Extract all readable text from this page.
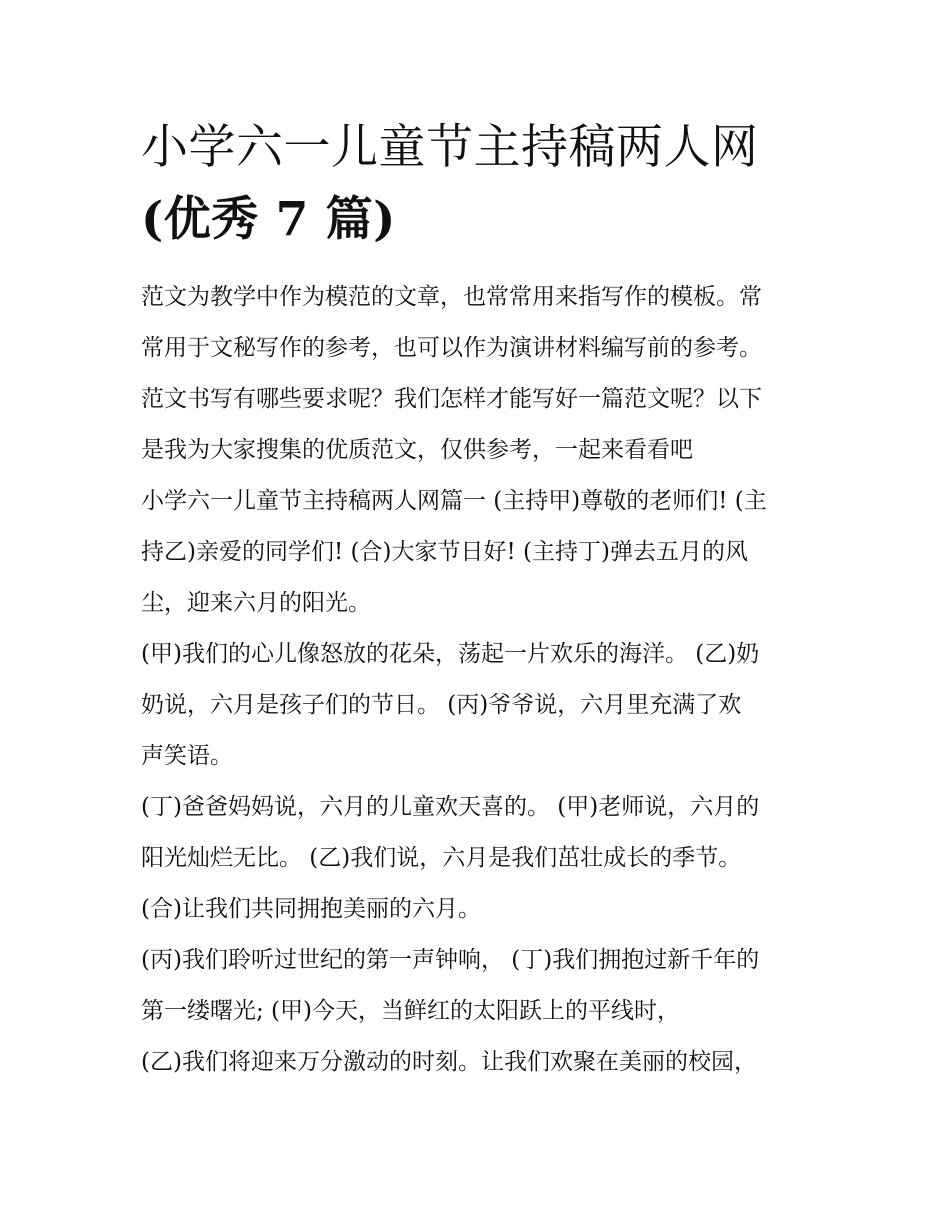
小学六一儿童节主持稿两人网
(优秀 7 篇)

范文为教学中作为模范的文章，也常常用来指写作的模板。常
常用于文秘写作的参考，也可以作为演讲材料编写前的参考。
范文书写有哪些要求呢？我们怎样才能写好一篇范文呢？以下
是我为大家搜集的优质范文，仅供参考，一起来看看吧

小学六一儿童节主持稿两人网篇一 (主持甲)尊敬的老师们! (主
持乙)亲爱的同学们! (合)大家节日好! (主持丁)弹去五月的风
尘，迎来六月的阳光。

(甲)我们的心儿像怒放的花朵，荡起一片欢乐的海洋。 (乙)奶
奶说，六月是孩子们的节日。 (丙)爷爷说，六月里充满了欢
声笑语。

(丁)爸爸妈妈说，六月的儿童欢天喜的。 (甲)老师说，六月的
阳光灿烂无比。 (乙)我们说，六月是我们茁壮成长的季节。

(合)让我们共同拥抱美丽的六月。

(丙)我们聆听过世纪的第一声钟响， (丁)我们拥抱过新千年的
第一缕曙光; (甲)今天，当鲜红的太阳跃上的平线时，

(乙)我们将迎来万分激动的时刻。让我们欢聚在美丽的校园，
